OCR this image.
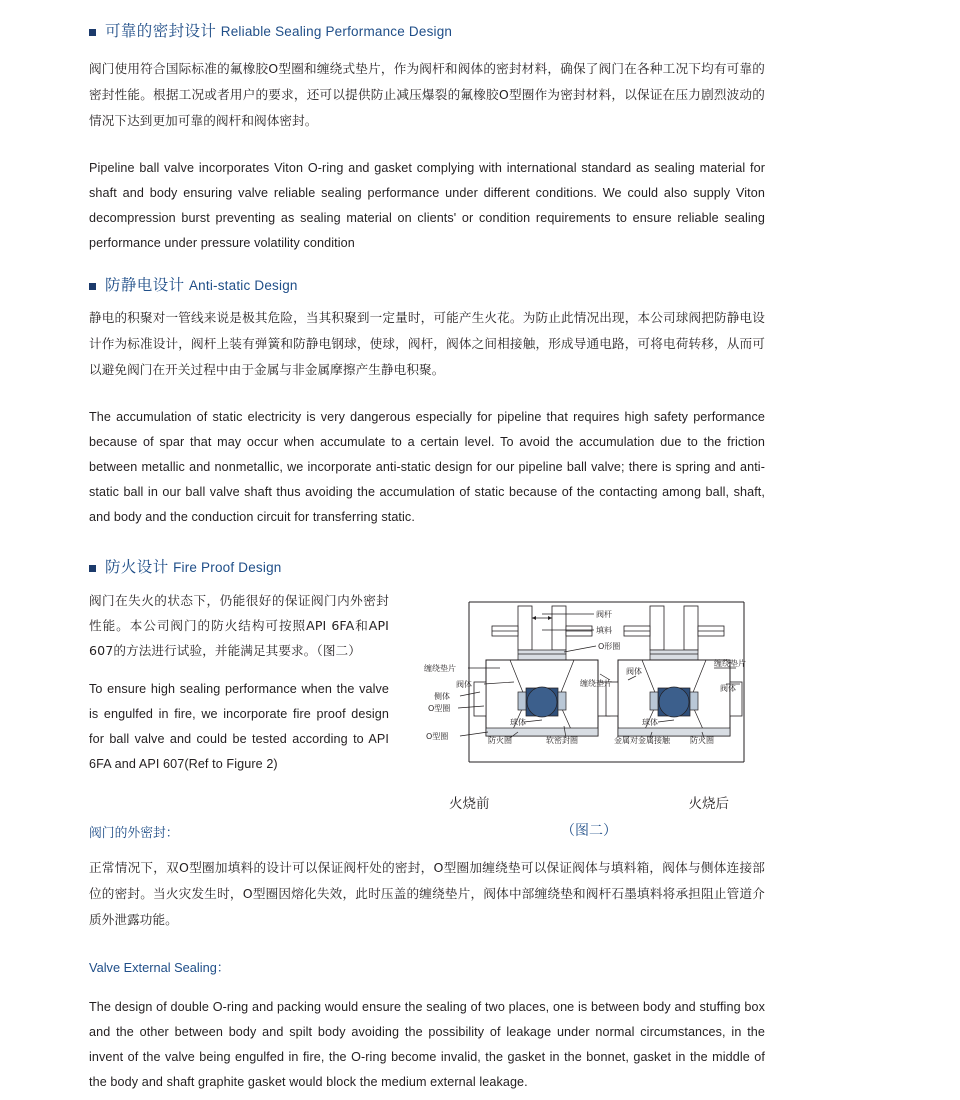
可靠的密封设计 Reliable Sealing Performance Design

阀门使用符合国际标准的氟橡胶O型圈和缠绕式垫片，作为阀杆和阀体的密封材料，确保了阀门在各种工况下均有可靠的密封性能。根据工况或者用户的要求，还可以提供防止减压爆裂的氟橡胶O型圈作为密封材料，以保证在压力剧烈波动的情况下达到更加可靠的阀杆和阀体密封。

Pipeline ball valve incorporates Viton O-ring and gasket complying with international standard as sealing material for shaft and body ensuring valve reliable sealing performance under different conditions. We could also supply Viton decompression burst preventing as sealing material on clients' or condition requirements to ensure reliable sealing performance under pressure volatility condition

防静电设计 Anti-static Design

静电的积聚对一管线来说是极其危险，当其积聚到一定量时，可能产生火花。为防止此情况出现，本公司球阀把防静电设计作为标准设计，阀杆上装有弹簧和防静电钢球，使球，阀杆，阀体之间相接触，形成导通电路，可将电荷转移，从而可以避免阀门在开关过程中由于金属与非金属摩擦产生静电积聚。

The accumulation of static electricity is very dangerous especially for pipeline that requires high safety performance because of spar that may occur when accumulate to a certain level. To avoid the accumulation due to the friction between metallic and nonmetallic, we incorporate anti-static design for our pipeline ball valve; there is spring and anti-static ball in our ball valve shaft thus avoiding the accumulation of static because of the contacting among ball, shaft, and body and the conduction circuit for transferring static.

防火设计 Fire Proof Design

阀门在失火的状态下，仍能很好的保证阀门内外密封性能。本公司阀门的防火结构可按照API 6FA和API 607的方法进行试验，并能满足其要求。（图二）

To ensure high sealing performance when the valve is engulfed in fire, we incorporate fire proof design for ball valve and could be tested according to API 6FA and API 607(Ref to Figure 2)

阀杆
填料
O形圈
缠绕垫片
阀体
侧体
O型圈
球体
O型圈	防火圈	软密封圈
缠绕垫片
阀体
缠绕垫片
阀体
球体
金属对金属接触	防火圈
火烧前	火烧后
（图二）
阀门的外密封：

正常情况下，双O型圈加填料的设计可以保证阀杆处的密封，O型圈加缠绕垫可以保证阀体与填料箱，阀体与侧体连接部位的密封。当火灾发生时，O型圈因熔化失效，此时压盖的缠绕垫片，阀体中部缠绕垫和阀杆石墨填料将承担阻止管道介质外泄露功能。

Valve External Sealing：

The design of double O-ring and packing would ensure the sealing of two places, one is between body and stuffing box and the other between body and spilt body avoiding the possibility of leakage under normal circumstances, in the invent of the valve being engulfed in fire, the O-ring become invalid, the gasket in the bonnet, gasket in the middle of the body and shaft graphite gasket would block the medium external leakage.
